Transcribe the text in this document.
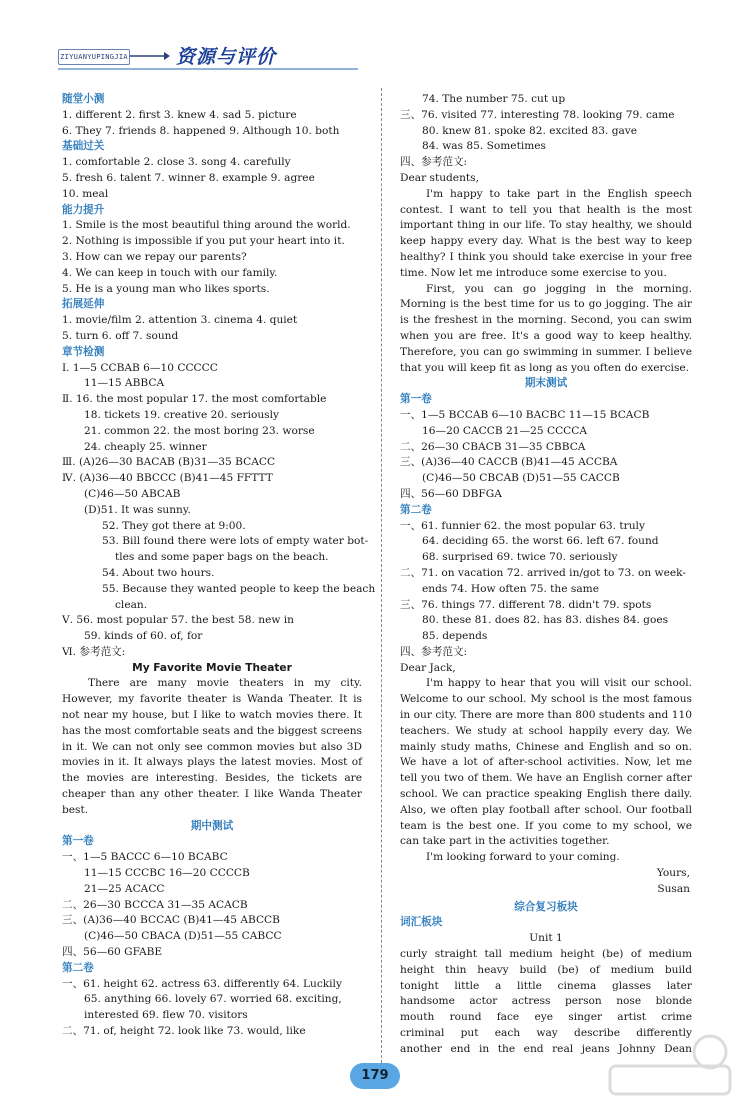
ZIYUANYUPINGJIA	资源与评价
随堂小测
1. different 2. first 3. knew 4. sad 5. picture
6. They 7. friends 8. happened 9. Although 10. both
基础过关
1. comfortable 2. close 3. song 4. carefully
5. fresh 6. talent 7. winner 8. example 9. agree
10. meal
能力提升
1. Smile is the most beautiful thing around the world.
2. Nothing is impossible if you put your heart into it.
3. How can we repay our parents?
4. We can keep in touch with our family.
5. He is a young man who likes sports.
拓展延伸
1. movie/film 2. attention 3. cinema 4. quiet
5. turn 6. off 7. sound
章节检测
Ⅰ. 1—5 CCBAB 6—10 CCCCC
11—15 ABBCA
Ⅱ. 16. the most popular 17. the most comfortable
18. tickets 19. creative 20. seriously
21. common 22. the most boring 23. worse
24. cheaply 25. winner
Ⅲ. (A)26—30 BACAB (B)31—35 BCACC
Ⅳ. (A)36—40 BBCCC (B)41—45 FFTTT
(C)46—50 ABCAB
(D)51. It was sunny.
52. They got there at 9:00.
53. Bill found there were lots of empty water bot-
tles and some paper bags on the beach.
54. About two hours.
55. Because they wanted people to keep the beach
clean.
Ⅴ. 56. most popular 57. the best 58. new in
59. kinds of 60. of, for
Ⅵ. 参考范文:
My Favorite Movie Theater

There are many movie theaters in my city. However, my favorite theater is Wanda Theater. It is not near my house, but I like to watch movies there. It has the most comfortable seats and the biggest screens in it. We can not only see common movies but also 3D movies in it. It always plays the latest movies. Most of the movies are interesting. Besides, the tickets are cheaper than any other theater. I like Wanda Theater best.

期中测试
第一卷
一、1—5 BACCC 6—10 BCABC
11—15 CCCBC 16—20 CCCCB
21—25 ACACC
二、26—30 BCCCA 31—35 ACACB
三、(A)36—40 BCCAC (B)41—45 ABCCB
(C)46—50 CBACA (D)51—55 CABCC
四、56—60 GFABE
第二卷
一、61. height 62. actress 63. differently 64. Luckily
65. anything 66. lovely 67. worried 68. exciting,
interested 69. flew 70. visitors
二、71. of, height 72. look like 73. would, like
74. The number 75. cut up
三、76. visited 77. interesting 78. looking 79. came
80. knew 81. spoke 82. excited 83. gave
84. was 85. Sometimes
四、参考范文:
Dear students,

I'm happy to take part in the English speech contest. I want to tell you that health is the most important thing in our life. To stay healthy, we should keep happy every day. What is the best way to keep healthy? I think you should take exercise in your free time. Now let me introduce some exercise to you.

First, you can go jogging in the morning. Morning is the best time for us to go jogging. The air is the freshest in the morning. Second, you can swim when you are free. It's a good way to keep healthy. Therefore, you can go swimming in summer. I believe that you will keep fit as long as you often do exercise.

期末测试
第一卷
一、1—5 BCCAB 6—10 BACBC 11—15 BCACB
16—20 CACCB 21—25 CCCCA
二、26—30 CBACB 31—35 CBBCA
三、(A)36—40 CACCB (B)41—45 ACCBA
(C)46—50 CBCAB (D)51—55 CACCB
四、56—60 DBFGA
第二卷
一、61. funnier 62. the most popular 63. truly
64. deciding 65. the worst 66. left 67. found
68. surprised 69. twice 70. seriously
二、71. on vacation 72. arrived in/got to 73. on week-
ends 74. How often 75. the same
三、76. things 77. different 78. didn't 79. spots
80. these 81. does 82. has 83. dishes 84. goes
85. depends
四、参考范文:
Dear Jack,

I'm happy to hear that you will visit our school. Welcome to our school. My school is the most famous in our city. There are more than 800 students and 110 teachers. We study at school happily every day. We mainly study maths, Chinese and English and so on. We have a lot of after-school activities. Now, let me tell you two of them. We have an English corner after school. We can practice speaking English there daily. Also, we often play football after school. Our football team is the best one. If you come to my school, we can take part in the activities together.

I'm looking forward to your coming.

Yours,
Susan
综合复习板块
词汇板块
Unit 1

curly straight tall medium height (be) of medium

height thin heavy build (be) of medium build

tonight little a little cinema glasses later

handsome actor actress person nose blonde

mouth round face eye singer artist crime

criminal put each way describe differently

another end in the end real jeans Johnny Dean

179
